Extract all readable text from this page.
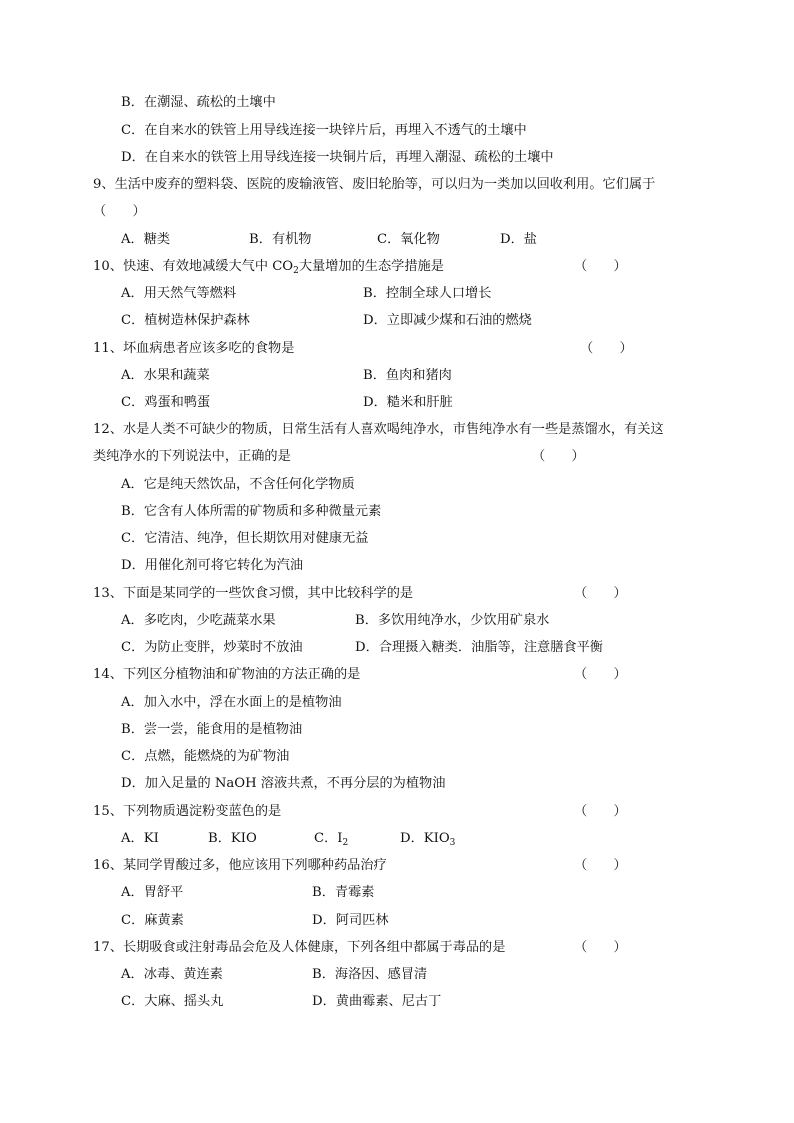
B．在潮湿、疏松的土壤中
C．在自来水的铁管上用导线连接一块锌片后，再埋入不透气的土壤中
D．在自来水的铁管上用导线连接一块铜片后，再埋入潮湿、疏松的土壤中
9、生活中废弃的塑料袋、医院的废输液管、废旧轮胎等，可以归为一类加以回收利用。它们属于
（　　）
A．糖类	B．有机物	C．氧化物	D．盐
10、快速、有效地减缓大气中 $CO_2$大量增加的生态学措施是	（　　）
A．用天然气等燃料	B．控制全球人口增长
C．植树造林保护森林	D．立即减少煤和石油的燃烧
11、坏血病患者应该多吃的食物是	（　　）
A．水果和蔬菜	B．鱼肉和猪肉
C．鸡蛋和鸭蛋	D．糙米和肝脏
12、水是人类不可缺少的物质，日常生活有人喜欢喝纯净水，市售纯净水有一些是蒸馏水，有关这
类纯净水的下列说法中，正确的是	（　　）
A．它是纯天然饮品，不含任何化学物质
B．它含有人体所需的矿物质和多种微量元素
C．它清洁、纯净，但长期饮用对健康无益
D．用催化剂可将它转化为汽油
13、下面是某同学的一些饮食习惯，其中比较科学的是	（　　）
A．多吃肉，少吃蔬菜水果	B．多饮用纯净水，少饮用矿泉水
C．为防止变胖，炒菜时不放油	D．合理摄入糖类．油脂等，注意膳食平衡
14、下列区分植物油和矿物油的方法正确的是	（　　）
A．加入水中，浮在水面上的是植物油
B．尝一尝，能食用的是植物油
C．点燃，能燃烧的为矿物油
D．加入足量的 NaOH 溶液共煮，不再分层的为植物油
15、下列物质遇淀粉变蓝色的是	（　　）
A．KI	B．KIO	C．$I_2$	D．$KIO_3$
16、某同学胃酸过多，他应该用下列哪种药品治疗	（　　）
A．胃舒平	B．青霉素
C．麻黄素	D．阿司匹林
17、长期吸食或注射毒品会危及人体健康，下列各组中都属于毒品的是	（　　）
A．冰毒、黄连素	B．海洛因、感冒清
C．大麻、摇头丸	D．黄曲霉素、尼古丁
